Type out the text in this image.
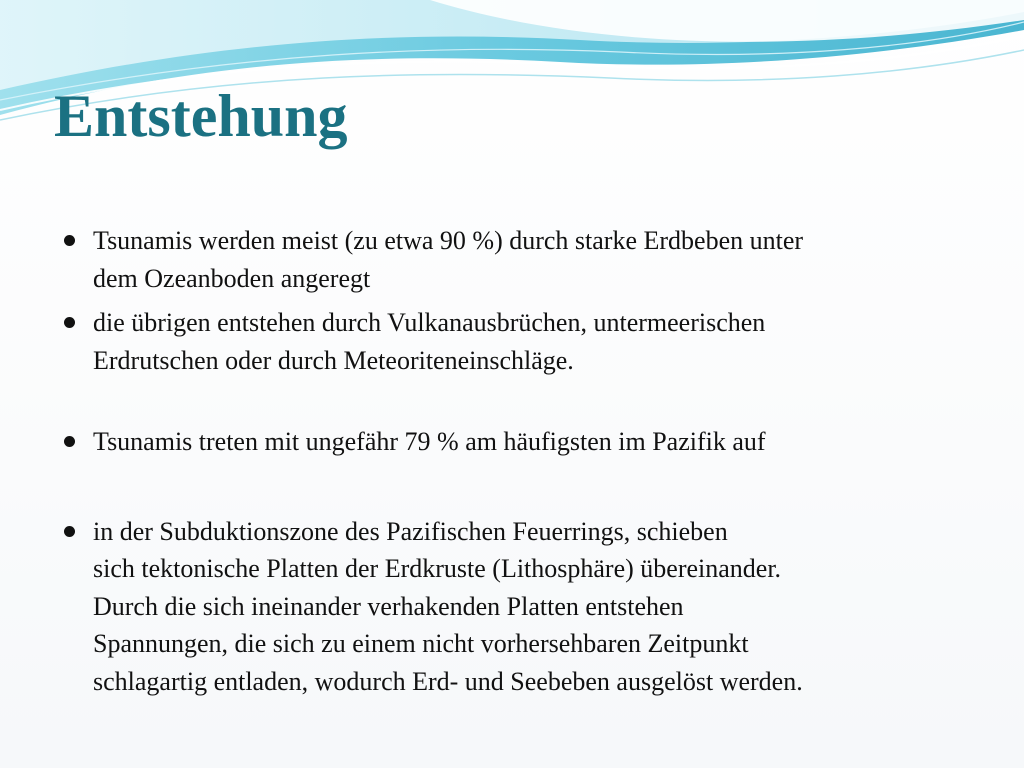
Entstehung
Tsunamis werden meist (zu etwa 90 %) durch starke Erdbeben unter
dem Ozeanboden angeregt
die übrigen entstehen durch Vulkanausbrüchen, untermeerischen
Erdrutschen oder durch Meteoriteneinschläge.
Tsunamis treten mit ungefähr 79 % am häufigsten im Pazifik auf
in der Subduktionszone des Pazifischen Feuerrings, schieben
sich tektonische Platten der Erdkruste (Lithosphäre) übereinander.
Durch die sich ineinander verhakenden Platten entstehen
Spannungen, die sich zu einem nicht vorhersehbaren Zeitpunkt
schlagartig entladen, wodurch Erd- und Seebeben ausgelöst werden.
